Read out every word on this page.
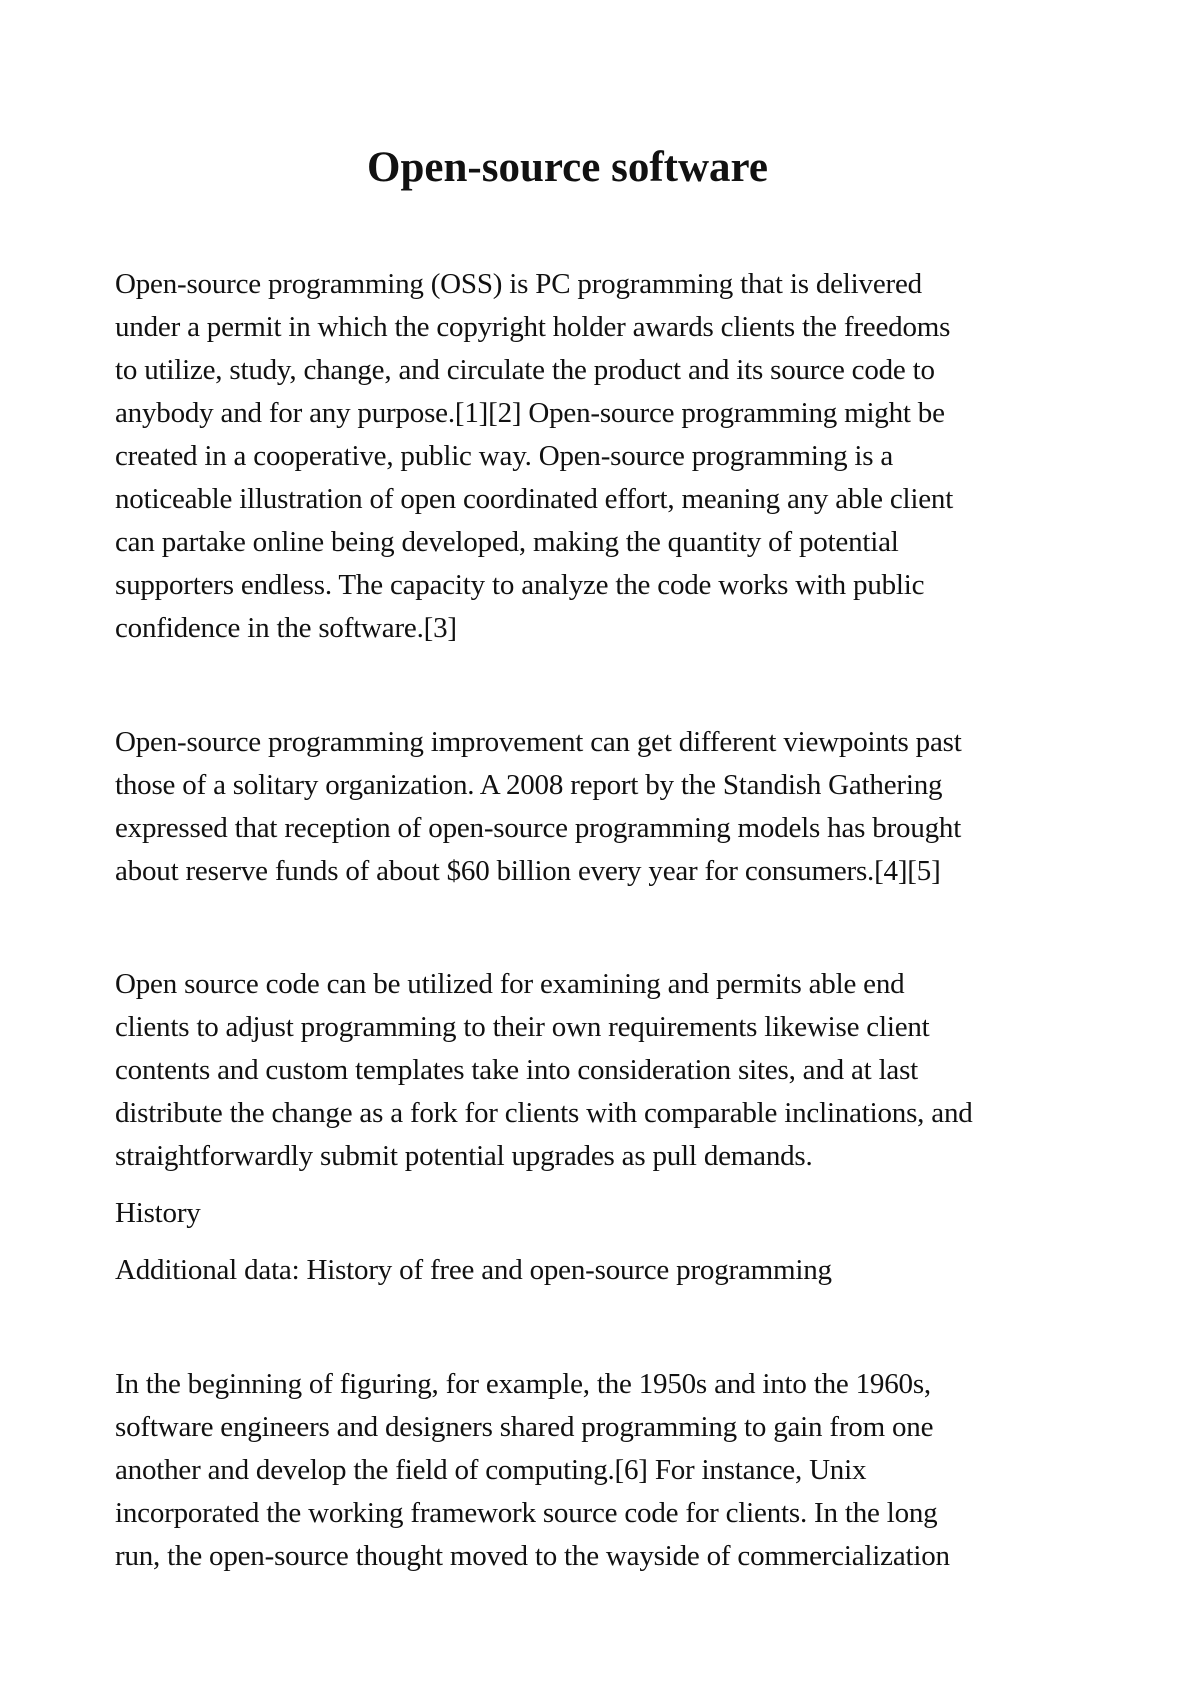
Open-source software

Open-source programming (OSS) is PC programming that is delivered
under a permit in which the copyright holder awards clients the freedoms
to utilize, study, change, and circulate the product and its source code to
anybody and for any purpose.[1][2] Open-source programming might be
created in a cooperative, public way. Open-source programming is a
noticeable illustration of open coordinated effort, meaning any able client
can partake online being developed, making the quantity of potential
supporters endless. The capacity to analyze the code works with public
confidence in the software.[3]

Open-source programming improvement can get different viewpoints past
those of a solitary organization. A 2008 report by the Standish Gathering
expressed that reception of open-source programming models has brought
about reserve funds of about $60 billion every year for consumers.[4][5]

Open source code can be utilized for examining and permits able end
clients to adjust programming to their own requirements likewise client
contents and custom templates take into consideration sites, and at last
distribute the change as a fork for clients with comparable inclinations, and
straightforwardly submit potential upgrades as pull demands.

History

Additional data: History of free and open-source programming

In the beginning of figuring, for example, the 1950s and into the 1960s,
software engineers and designers shared programming to gain from one
another and develop the field of computing.[6] For instance, Unix
incorporated the working framework source code for clients. In the long
run, the open-source thought moved to the wayside of commercialization
